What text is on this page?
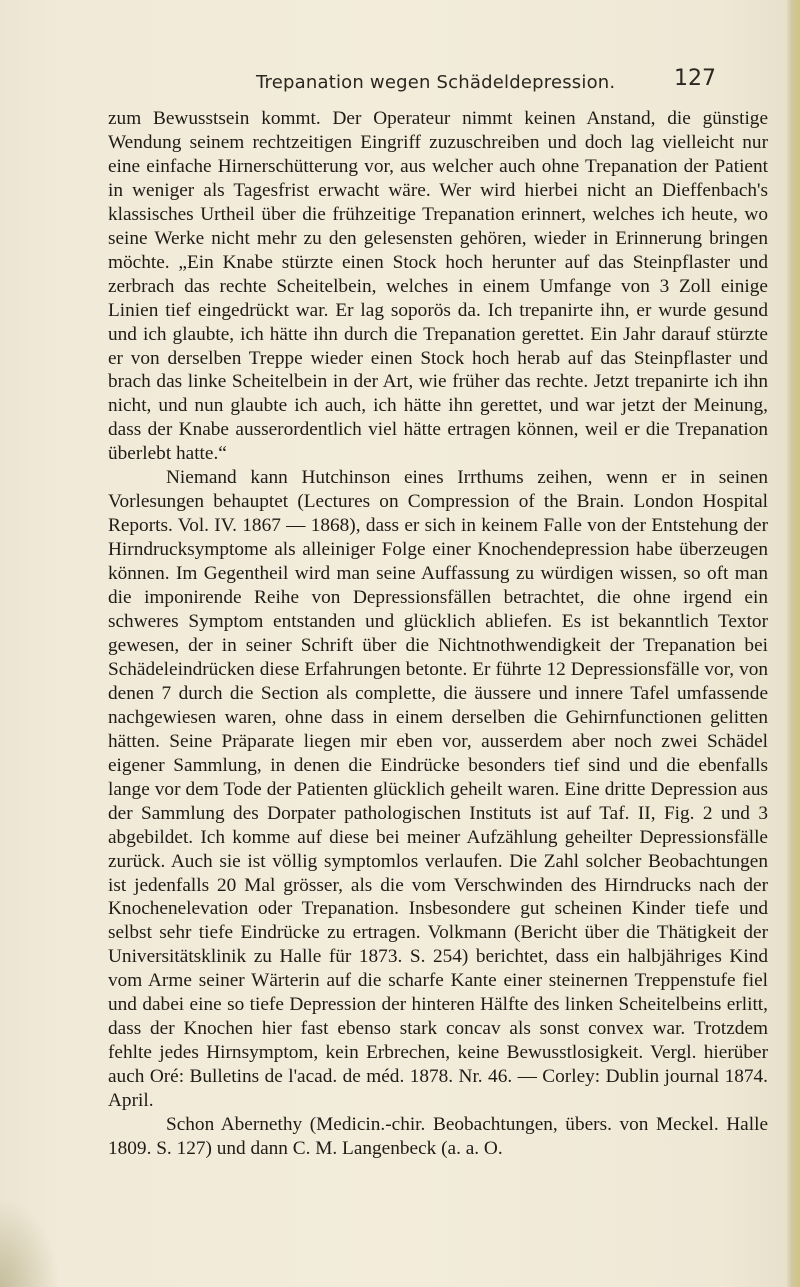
Trepanation wegen Schädeldepression.	127

zum Bewusstsein kommt. Der Operateur nimmt keinen Anstand, die günstige Wendung seinem rechtzeitigen Eingriff zuzuschreiben und doch lag vielleicht nur eine einfache Hirnerschütterung vor, aus welcher auch ohne Trepanation der Patient in weniger als Tagesfrist erwacht wäre. Wer wird hierbei nicht an Dieffenbach's klassisches Urtheil über die frühzeitige Trepanation erinnert, welches ich heute, wo seine Werke nicht mehr zu den gelesensten gehören, wieder in Erinnerung bringen möchte. „Ein Knabe stürzte einen Stock hoch herunter auf das Steinpflaster und zerbrach das rechte Scheitelbein, welches in einem Umfange von 3 Zoll einige Linien tief eingedrückt war. Er lag soporös da. Ich trepanirte ihn, er wurde gesund und ich glaubte, ich hätte ihn durch die Trepanation gerettet. Ein Jahr darauf stürzte er von derselben Treppe wieder einen Stock hoch herab auf das Steinpflaster und brach das linke Scheitelbein in der Art, wie früher das rechte. Jetzt trepanirte ich ihn nicht, und nun glaubte ich auch, ich hätte ihn gerettet, und war jetzt der Meinung, dass der Knabe ausserordentlich viel hätte ertragen können, weil er die Trepanation überlebt hatte.“

Niemand kann Hutchinson eines Irrthums zeihen, wenn er in seinen Vorlesungen behauptet (Lectures on Compression of the Brain. London Hospital Reports. Vol. IV. 1867 — 1868), dass er sich in keinem Falle von der Entstehung der Hirndrucksymptome als alleiniger Folge einer Knochendepression habe überzeugen können. Im Gegentheil wird man seine Auffassung zu würdigen wissen, so oft man die imponirende Reihe von Depressionsfällen betrachtet, die ohne irgend ein schweres Symptom entstanden und glücklich abliefen. Es ist bekanntlich Textor gewesen, der in seiner Schrift über die Nichtnothwendigkeit der Trepanation bei Schädeleindrücken diese Erfahrungen betonte. Er führte 12 Depressionsfälle vor, von denen 7 durch die Section als complette, die äussere und innere Tafel umfassende nachgewiesen waren, ohne dass in einem derselben die Gehirnfunctionen gelitten hätten. Seine Präparate liegen mir eben vor, ausserdem aber noch zwei Schädel eigener Sammlung, in denen die Eindrücke besonders tief sind und die ebenfalls lange vor dem Tode der Patienten glücklich geheilt waren. Eine dritte Depression aus der Sammlung des Dorpater pathologischen Instituts ist auf Taf. II, Fig. 2 und 3 abgebildet. Ich komme auf diese bei meiner Aufzählung geheilter Depressionsfälle zurück. Auch sie ist völlig symptomlos verlaufen. Die Zahl solcher Beobachtungen ist jedenfalls 20 Mal grösser, als die vom Verschwinden des Hirndrucks nach der Knochenelevation oder Trepanation. Insbesondere gut scheinen Kinder tiefe und selbst sehr tiefe Eindrücke zu ertragen. Volkmann (Bericht über die Thätigkeit der Universitätsklinik zu Halle für 1873. S. 254) berichtet, dass ein halbjähriges Kind vom Arme seiner Wärterin auf die scharfe Kante einer steinernen Treppenstufe fiel und dabei eine so tiefe Depression der hinteren Hälfte des linken Scheitelbeins erlitt, dass der Knochen hier fast ebenso stark concav als sonst convex war. Trotzdem fehlte jedes Hirnsymptom, kein Erbrechen, keine Bewusstlosigkeit. Vergl. hierüber auch Oré: Bulletins de l'acad. de méd. 1878. Nr. 46. — Corley: Dublin journal 1874. April.

Schon Abernethy (Medicin.-chir. Beobachtungen, übers. von Meckel. Halle 1809. S. 127) und dann C. M. Langenbeck (a. a. O.
